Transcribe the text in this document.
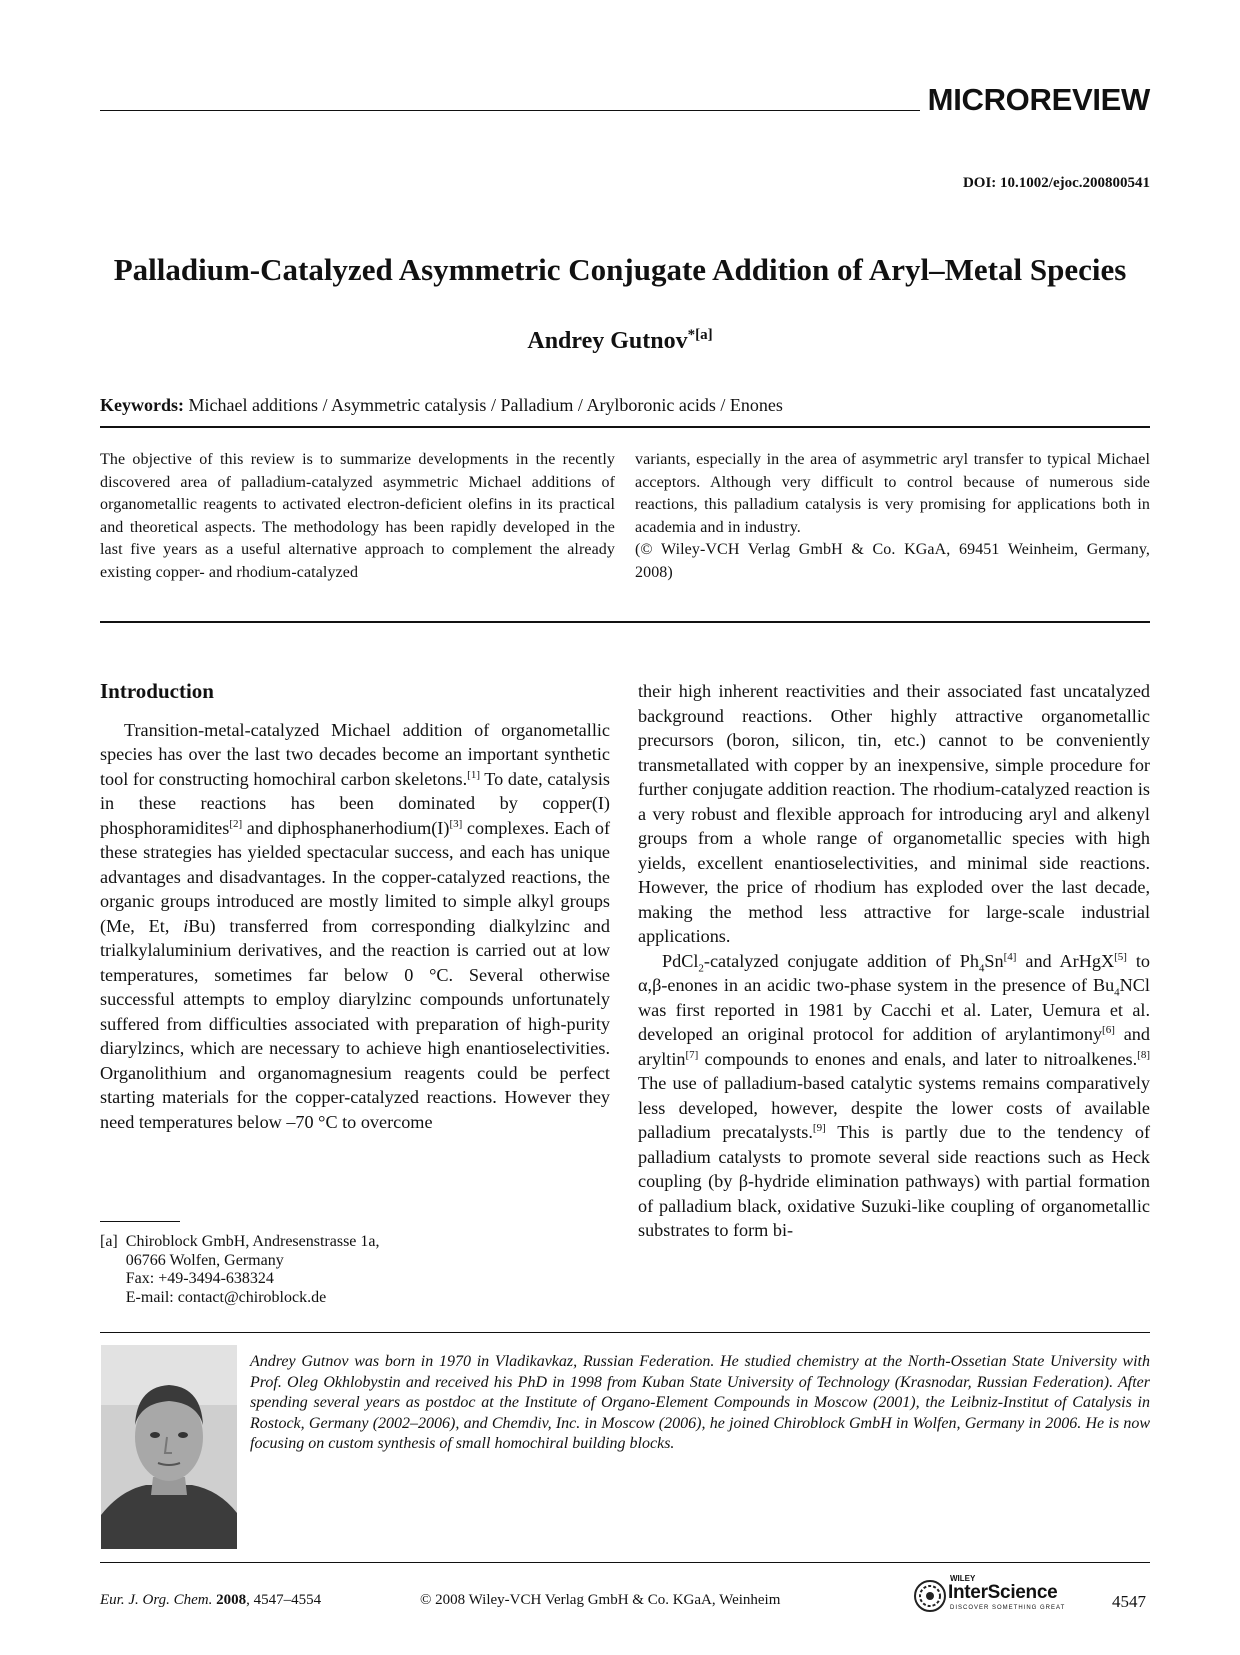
MICROREVIEW
DOI: 10.1002/ejoc.200800541
Palladium-Catalyzed Asymmetric Conjugate Addition of Aryl–Metal Species
Andrey Gutnov$^{*[a]}$
Keywords: Michael additions / Asymmetric catalysis / Palladium / Arylboronic acids / Enones
The objective of this review is to summarize developments in the recently discovered area of palladium-catalyzed asymmetric Michael additions of organometallic reagents to activated electron-deficient olefins in its practical and theoretical aspects. The methodology has been rapidly developed in the last five years as a useful alternative approach to complement the already existing copper- and rhodium-catalyzed
variants, especially in the area of asymmetric aryl transfer to typical Michael acceptors. Although very difficult to control because of numerous side reactions, this palladium catalysis is very promising for applications both in academia and in industry.
(© Wiley-VCH Verlag GmbH & Co. KGaA, 69451 Weinheim, Germany, 2008)
Introduction

Transition-metal-catalyzed Michael addition of organometallic species has over the last two decades become an important synthetic tool for constructing homochiral carbon skeletons.[1] To date, catalysis in these reactions has been dominated by copper(I) phosphoramidites[2] and diphosphanerhodium(I)[3] complexes. Each of these strategies has yielded spectacular success, and each has unique advantages and disadvantages. In the copper-catalyzed reactions, the organic groups introduced are mostly limited to simple alkyl groups (Me, Et, iBu) transferred from corresponding dialkylzinc and trialkylaluminium derivatives, and the reaction is carried out at low temperatures, sometimes far below 0 °C. Several otherwise successful attempts to employ diarylzinc compounds unfortunately suffered from difficulties associated with preparation of high-purity diarylzincs, which are necessary to achieve high enantioselectivities. Organolithium and organomagnesium reagents could be perfect starting materials for the copper-catalyzed reactions. However they need temperatures below –70 °C to overcome

their high inherent reactivities and their associated fast uncatalyzed background reactions. Other highly attractive organometallic precursors (boron, silicon, tin, etc.) cannot to be conveniently transmetallated with copper by an inexpensive, simple procedure for further conjugate addition reaction. The rhodium-catalyzed reaction is a very robust and flexible approach for introducing aryl and alkenyl groups from a whole range of organometallic species with high yields, excellent enantioselectivities, and minimal side reactions. However, the price of rhodium has exploded over the last decade, making the method less attractive for large-scale industrial applications.

PdCl$_2$-catalyzed conjugate addition of $Ph_4Sn[4]$ and ArHgX[5] to α,β-enones in an acidic two-phase system in the presence of $Bu_4NCl$ was first reported in 1981 by Cacchi et al. Later, Uemura et al. developed an original protocol for addition of arylantimony[6] and aryltin[7] compounds to enones and enals, and later to nitroalkenes.[8] The use of palladium-based catalytic systems remains comparatively less developed, however, despite the lower costs of available palladium precatalysts.[9] This is partly due to the tendency of palladium catalysts to promote several side reactions such as Heck coupling (by β-hydride elimination pathways) with partial formation of palladium black, oxidative Suzuki-like coupling of organometallic substrates to form bi-

[a] Chiroblock GmbH, Andresenstrasse 1a,
06766 Wolfen, Germany
Fax: +49-3494-638324
E-mail: contact@chiroblock.de
Andrey Gutnov was born in 1970 in Vladikavkaz, Russian Federation. He studied chemistry at the North-Ossetian State University with Prof. Oleg Okhlobystin and received his PhD in 1998 from Kuban State University of Technology (Krasnodar, Russian Federation). After spending several years as postdoc at the Institute of Organo-Element Compounds in Moscow (2001), the Leibniz-Institut of Catalysis in Rostock, Germany (2002–2006), and Chemdiv, Inc. in Moscow (2006), he joined Chiroblock GmbH in Wolfen, Germany in 2006. He is now focusing on custom synthesis of small homochiral building blocks.
Eur. J. Org. Chem. 2008, 4547–4554	© 2008 Wiley-VCH Verlag GmbH & Co. KGaA, Weinheim
WILEY
InterScience
DISCOVER SOMETHING GREAT	4547
